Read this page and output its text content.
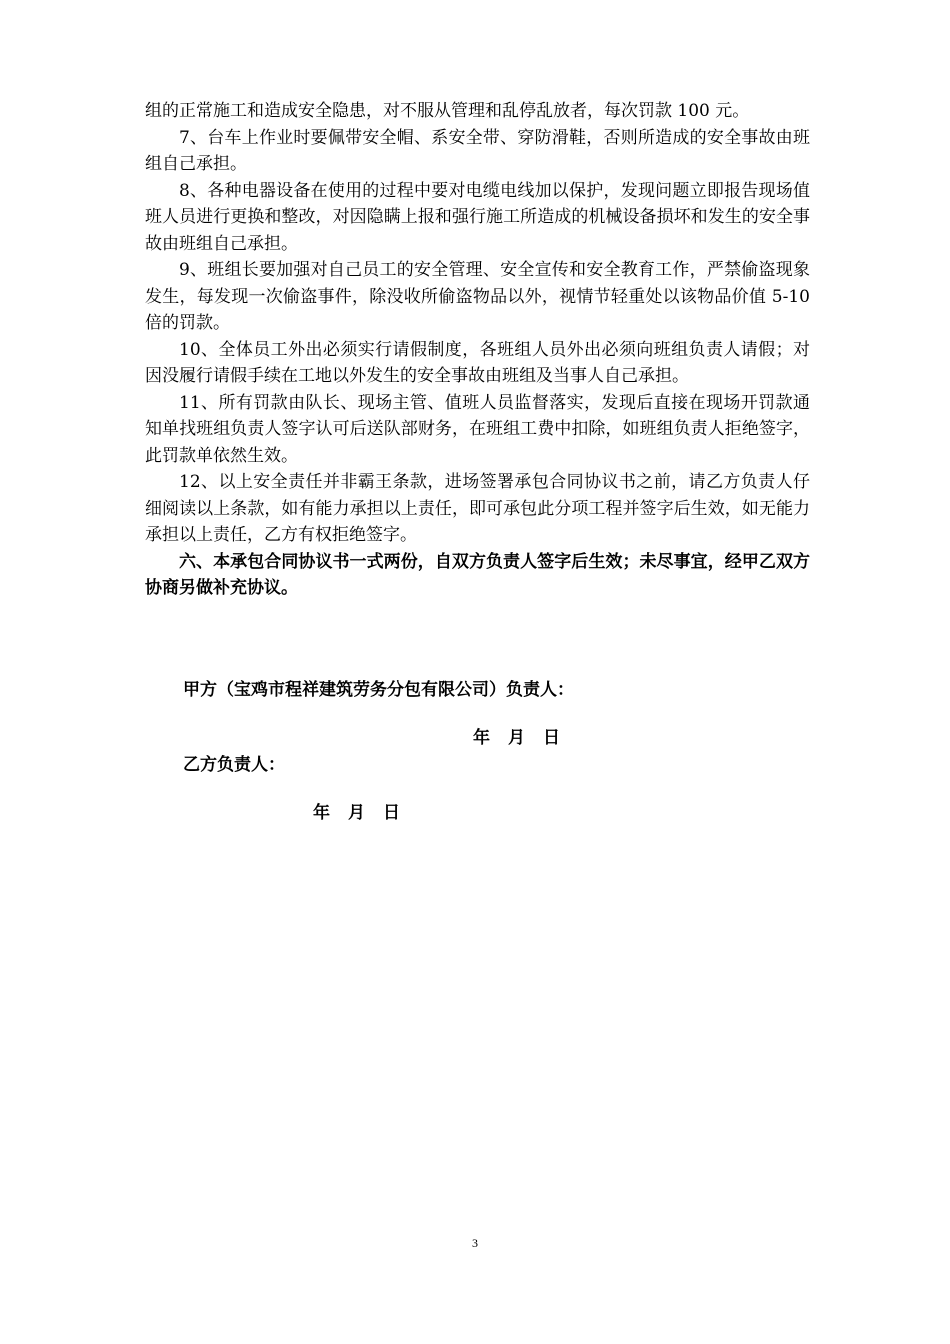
组的正常施工和造成安全隐患，对不服从管理和乱停乱放者，每次罚款 100 元。

7、台车上作业时要佩带安全帽、系安全带、穿防滑鞋，否则所造成的安全事故由班组自己承担。

8、各种电器设备在使用的过程中要对电缆电线加以保护，发现问题立即报告现场值班人员进行更换和整改，对因隐瞒上报和强行施工所造成的机械设备损坏和发生的安全事故由班组自己承担。

9、班组长要加强对自己员工的安全管理、安全宣传和安全教育工作，严禁偷盗现象发生，每发现一次偷盗事件，除没收所偷盗物品以外，视情节轻重处以该物品价值 5-10 倍的罚款。

10、全体员工外出必须实行请假制度，各班组人员外出必须向班组负责人请假；对因没履行请假手续在工地以外发生的安全事故由班组及当事人自己承担。

11、所有罚款由队长、现场主管、值班人员监督落实，发现后直接在现场开罚款通知单找班组负责人签字认可后送队部财务，在班组工费中扣除，如班组负责人拒绝签字，此罚款单依然生效。

12、以上安全责任并非霸王条款，进场签署承包合同协议书之前，请乙方负责人仔细阅读以上条款，如有能力承担以上责任，即可承包此分项工程并签字后生效，如无能力承担以上责任，乙方有权拒绝签字。

六、本承包合同协议书一式两份，自双方负责人签字后生效；未尽事宜，经甲乙双方协商另做补充协议。

甲方（宝鸡市程祥建筑劳务分包有限公司）负责人：
年 月 日
乙方负责人：
年 月 日
3
